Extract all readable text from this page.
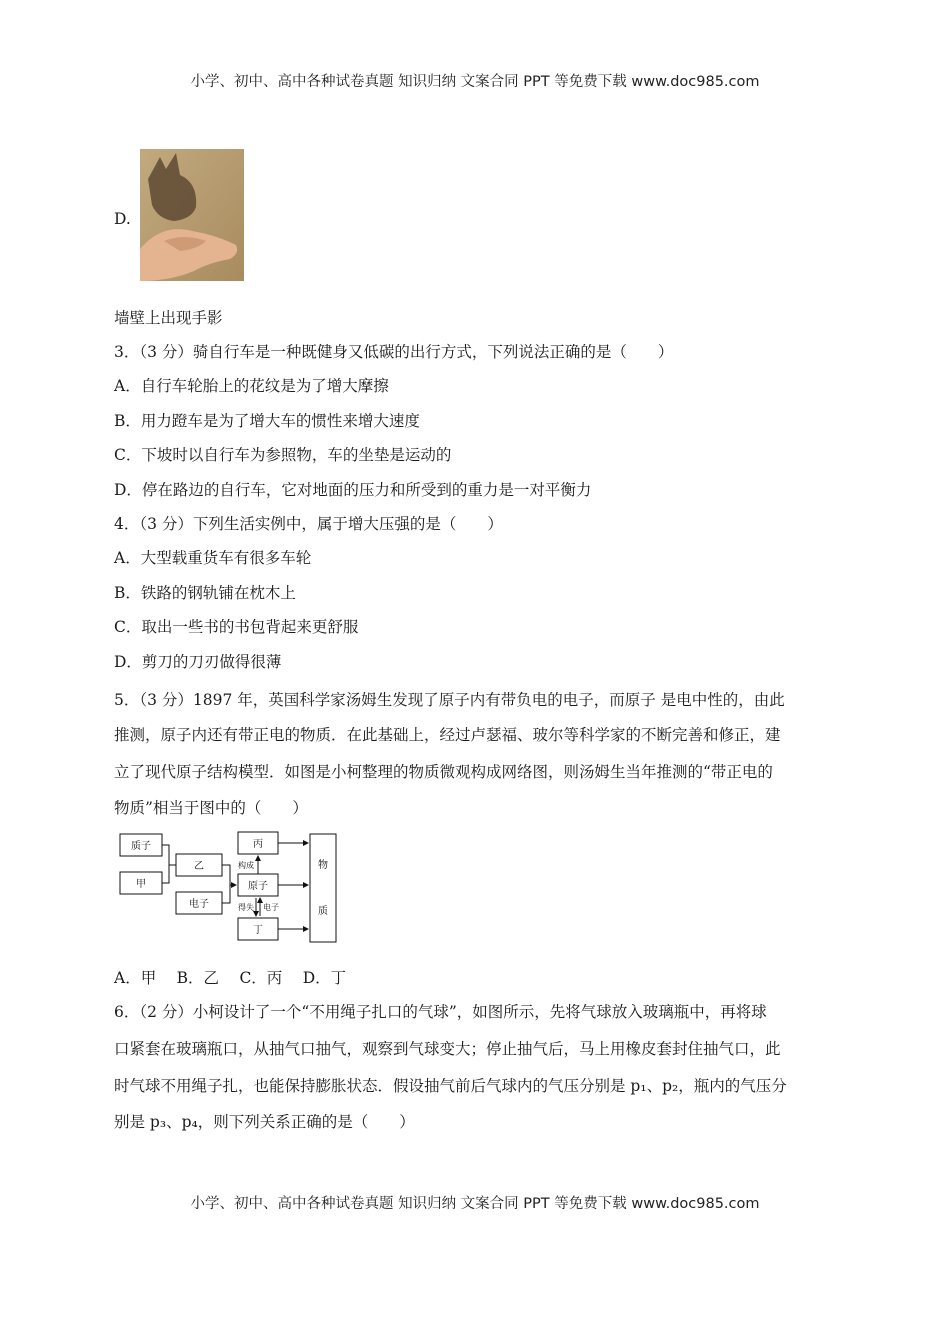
小学、初中、高中各种试卷真题 知识归纳 文案合同 PPT 等免费下载 www.doc985.com
D.
墙壁上出现手影
3．（3 分）骑自行车是一种既健身又低碳的出行方式，下列说法正确的是（　　）
A．自行车轮胎上的花纹是为了增大摩擦
B．用力蹬车是为了增大车的惯性来增大速度
C．下坡时以自行车为参照物，车的坐垫是运动的
D．停在路边的自行车，它对地面的压力和所受到的重力是一对平衡力
4．（3 分）下列生活实例中，属于增大压强的是（　　）
A．大型载重货车有很多车轮
B．铁路的钢轨铺在枕木上
C．取出一些书的书包背起来更舒服
D．剪刀的刀刃做得很薄
5．（3 分）1897 年，英国科学家汤姆生发现了原子内有带负电的电子，而原子 是电中性的，由此
推测，原子内还有带正电的物质．在此基础上，经过卢瑟福、玻尔等科学家的不断完善和修正，建
立了现代原子结构模型．如图是小柯整理的物质微观构成网络图，则汤姆生当年推测的“带正电的
物质”相当于图中的（　　）
质子
甲
乙
电子
丙
原子
丁
物
质
构成
得失 电子
A．甲　 B．乙　 C．丙　 D．丁
6．（2 分）小柯设计了一个“不用绳子扎口的气球”，如图所示，先将气球放入玻璃瓶中，再将球
口紧套在玻璃瓶口，从抽气口抽气，观察到气球变大；停止抽气后，马上用橡皮套封住抽气口，此
时气球不用绳子扎，也能保持膨胀状态．假设抽气前后气球内的气压分别是 p₁、p₂，瓶内的气压分
别是 p₃、p₄，则下列关系正确的是（　　）
小学、初中、高中各种试卷真题 知识归纳 文案合同 PPT 等免费下载 www.doc985.com
